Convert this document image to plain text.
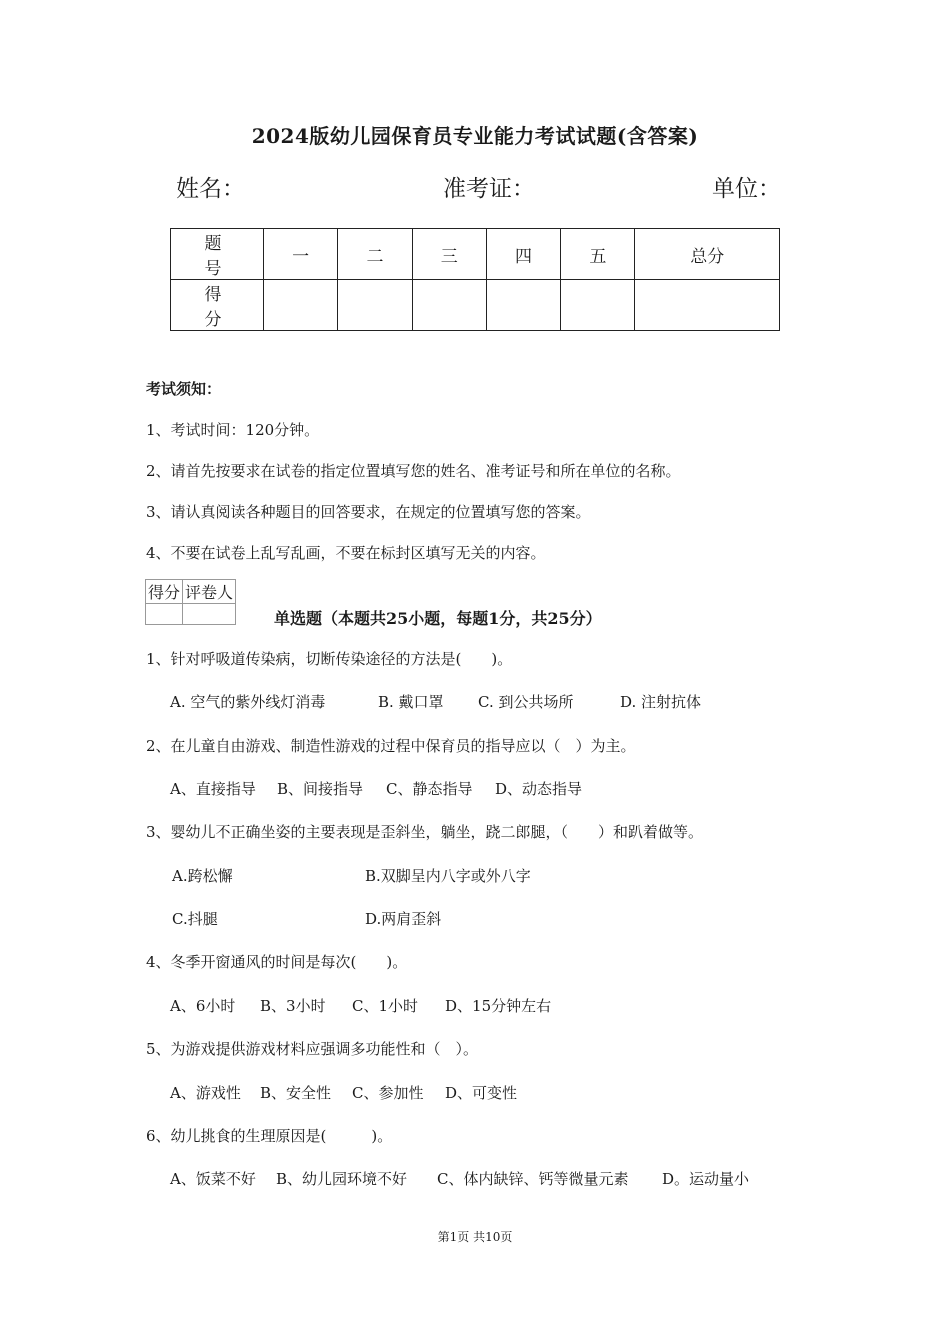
2024版幼儿园保育员专业能力考试试题(含答案)
姓名：	准考证：	单位：
题　号	一	二	三	四	五	总分
得　分						
考试须知：
1、考试时间：120分钟。
2、请首先按要求在试卷的指定位置填写您的姓名、准考证号和所在单位的名称。
3、请认真阅读各种题目的回答要求，在规定的位置填写您的答案。
4、不要在试卷上乱写乱画，不要在标封区填写无关的内容。
得分	评卷人

单选题（本题共25小题，每题1分，共25分）
1、针对呼吸道传染病，切断传染途径的方法是(　　)。
A. 空气的紫外线灯消毒	B. 戴口罩 C. 到公共场所	D. 注射抗体
2、在儿童自由游戏、制造性游戏的过程中保育员的指导应以（　）为主。
A、直接指导 B、间接指导 C、静态指导 D、动态指导
3、婴幼儿不正确坐姿的主要表现是歪斜坐，躺坐，跷二郎腿，（　　）和趴着做等。
A.跨松懈	B.双脚呈内八字或外八字
C.抖腿	D.两肩歪斜
4、冬季开窗通风的时间是每次(　　)。
A、6小时 B、3小时 C、1小时 D、15分钟左右
5、为游戏提供游戏材料应强调多功能性和（　）。
A、游戏性 B、安全性 C、参加性 D、可变性
6、幼儿挑食的生理原因是(　　　)。
A、饭菜不好 B、幼儿园环境不好 C、体内缺锌、钙等微量元素 D。运动量小
第1页 共10页
